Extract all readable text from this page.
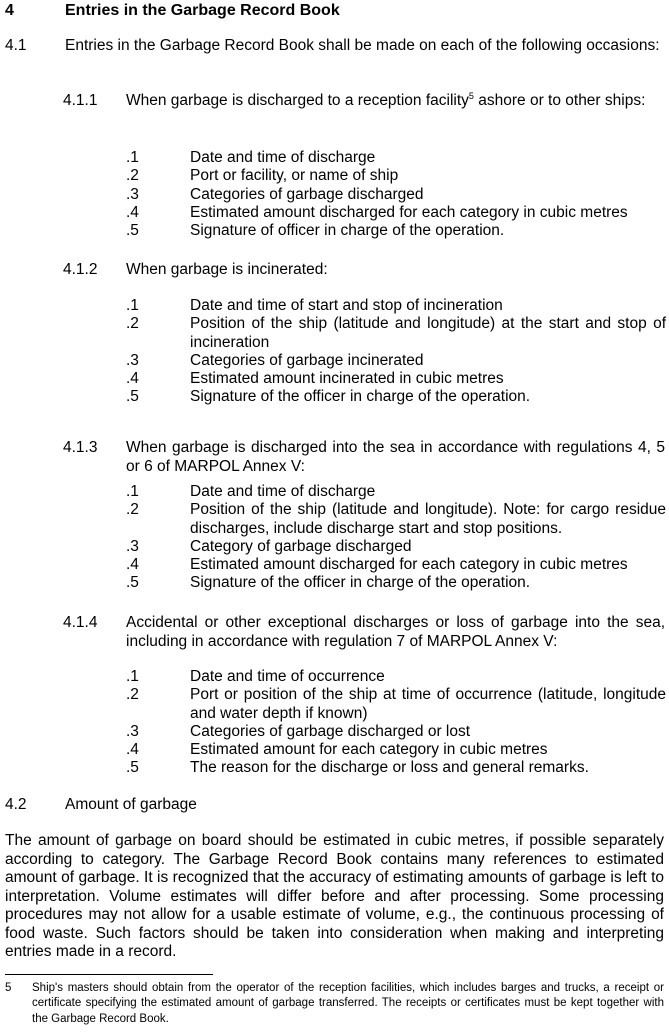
4	Entries in the Garbage Record Book
4.1 Entries in the Garbage Record Book shall be made on each of the following occasions:
4.1.1 When garbage is discharged to a reception facility$^5$ ashore or to other ships:
.1	Date and time of discharge
.2	Port or facility, or name of ship
.3	Categories of garbage discharged
.4	Estimated amount discharged for each category in cubic metres
.5	Signature of officer in charge of the operation.
4.1.2 When garbage is incinerated:
.1	Date and time of start and stop of incineration
.2	Position of the ship (latitude and longitude) at the start and stop of incineration
.3	Categories of garbage incinerated
.4	Estimated amount incinerated in cubic metres
.5	Signature of the officer in charge of the operation.
4.1.3 When garbage is discharged into the sea in accordance with regulations 4, 5 or 6 of MARPOL Annex V:
.1	Date and time of discharge
.2	Position of the ship (latitude and longitude). Note: for cargo residue discharges, include discharge start and stop positions.
.3	Category of garbage discharged
.4	Estimated amount discharged for each category in cubic metres
.5	Signature of the officer in charge of the operation.
4.1.4 Accidental or other exceptional discharges or loss of garbage into the sea, including in accordance with regulation 7 of MARPOL Annex V:
.1	Date and time of occurrence
.2	Port or position of the ship at time of occurrence (latitude, longitude and water depth if known)
.3	Categories of garbage discharged or lost
.4	Estimated amount for each category in cubic metres
.5	The reason for the discharge or loss and general remarks.
4.2 Amount of garbage
The amount of garbage on board should be estimated in cubic metres, if possible separately according to category. The Garbage Record Book contains many references to estimated amount of garbage. It is recognized that the accuracy of estimating amounts of garbage is left to interpretation. Volume estimates will differ before and after processing. Some processing procedures may not allow for a usable estimate of volume, e.g., the continuous processing of food waste. Such factors should be taken into consideration when making and interpreting entries made in a record.
5 Ship's masters should obtain from the operator of the reception facilities, which includes barges and trucks, a receipt or certificate specifying the estimated amount of garbage transferred. The receipts or certificates must be kept together with the Garbage Record Book.
